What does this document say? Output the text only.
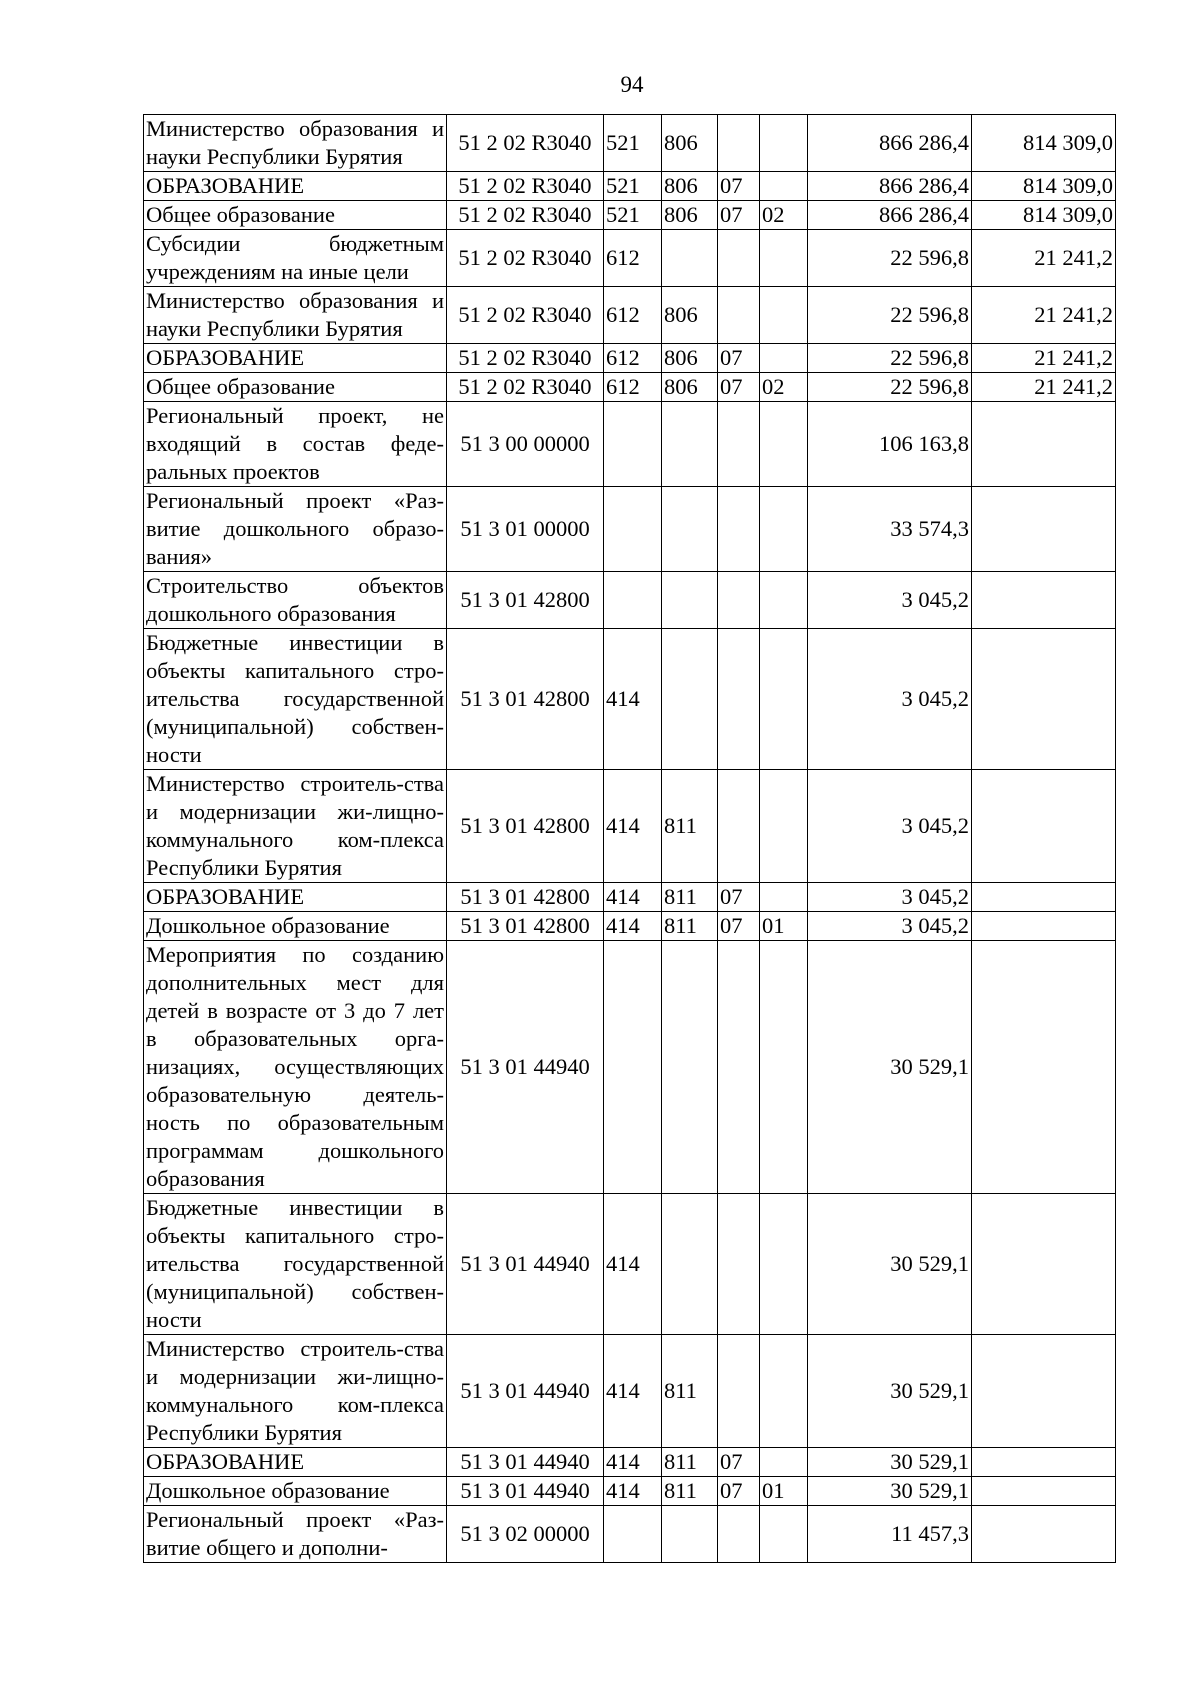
94
Министерство образования и науки Республики Бурятия	51 2 02 R3040	521	806			866 286,4	814 309,0
ОБРАЗОВАНИЕ	51 2 02 R3040	521	806	07		866 286,4	814 309,0
Общее образование	51 2 02 R3040	521	806	07	02	866 286,4	814 309,0
Субсидии бюджетным учреждениям на иные цели	51 2 02 R3040	612				22 596,8	21 241,2
Министерство образования и науки Республики Бурятия	51 2 02 R3040	612	806			22 596,8	21 241,2
ОБРАЗОВАНИЕ	51 2 02 R3040	612	806	07		22 596,8	21 241,2
Общее образование	51 2 02 R3040	612	806	07	02	22 596,8	21 241,2
Региональный проект, не входящий в состав феде-ральных проектов	51 3 00 00000					106 163,8	
Региональный проект «Раз-витие дошкольного образо-вания»	51 3 01 00000					33 574,3	
Строительство объектов дошкольного образования	51 3 01 42800					3 045,2	
Бюджетные инвестиции в объекты капитального стро-ительства государственной (муниципальной) собствен-ности	51 3 01 42800	414				3 045,2	
Министерство строитель-ства и модернизации жи-лищно-коммунального ком-плекса Республики Бурятия	51 3 01 42800	414	811			3 045,2	
ОБРАЗОВАНИЕ	51 3 01 42800	414	811	07		3 045,2	
Дошкольное образование	51 3 01 42800	414	811	07	01	3 045,2	
Мероприятия по созданию дополнительных мест для детей в возрасте от 3 до 7 лет в образовательных орга-низациях, осуществляющих образовательную деятель-ность по образовательным программам дошкольного образования	51 3 01 44940					30 529,1	
Бюджетные инвестиции в объекты капитального стро-ительства государственной (муниципальной) собствен-ности	51 3 01 44940	414				30 529,1	
Министерство строитель-ства и модернизации жи-лищно-коммунального ком-плекса Республики Бурятия	51 3 01 44940	414	811			30 529,1	
ОБРАЗОВАНИЕ	51 3 01 44940	414	811	07		30 529,1	
Дошкольное образование	51 3 01 44940	414	811	07	01	30 529,1	
Региональный проект «Раз-витие общего и дополни-	51 3 02 00000					11 457,3	
